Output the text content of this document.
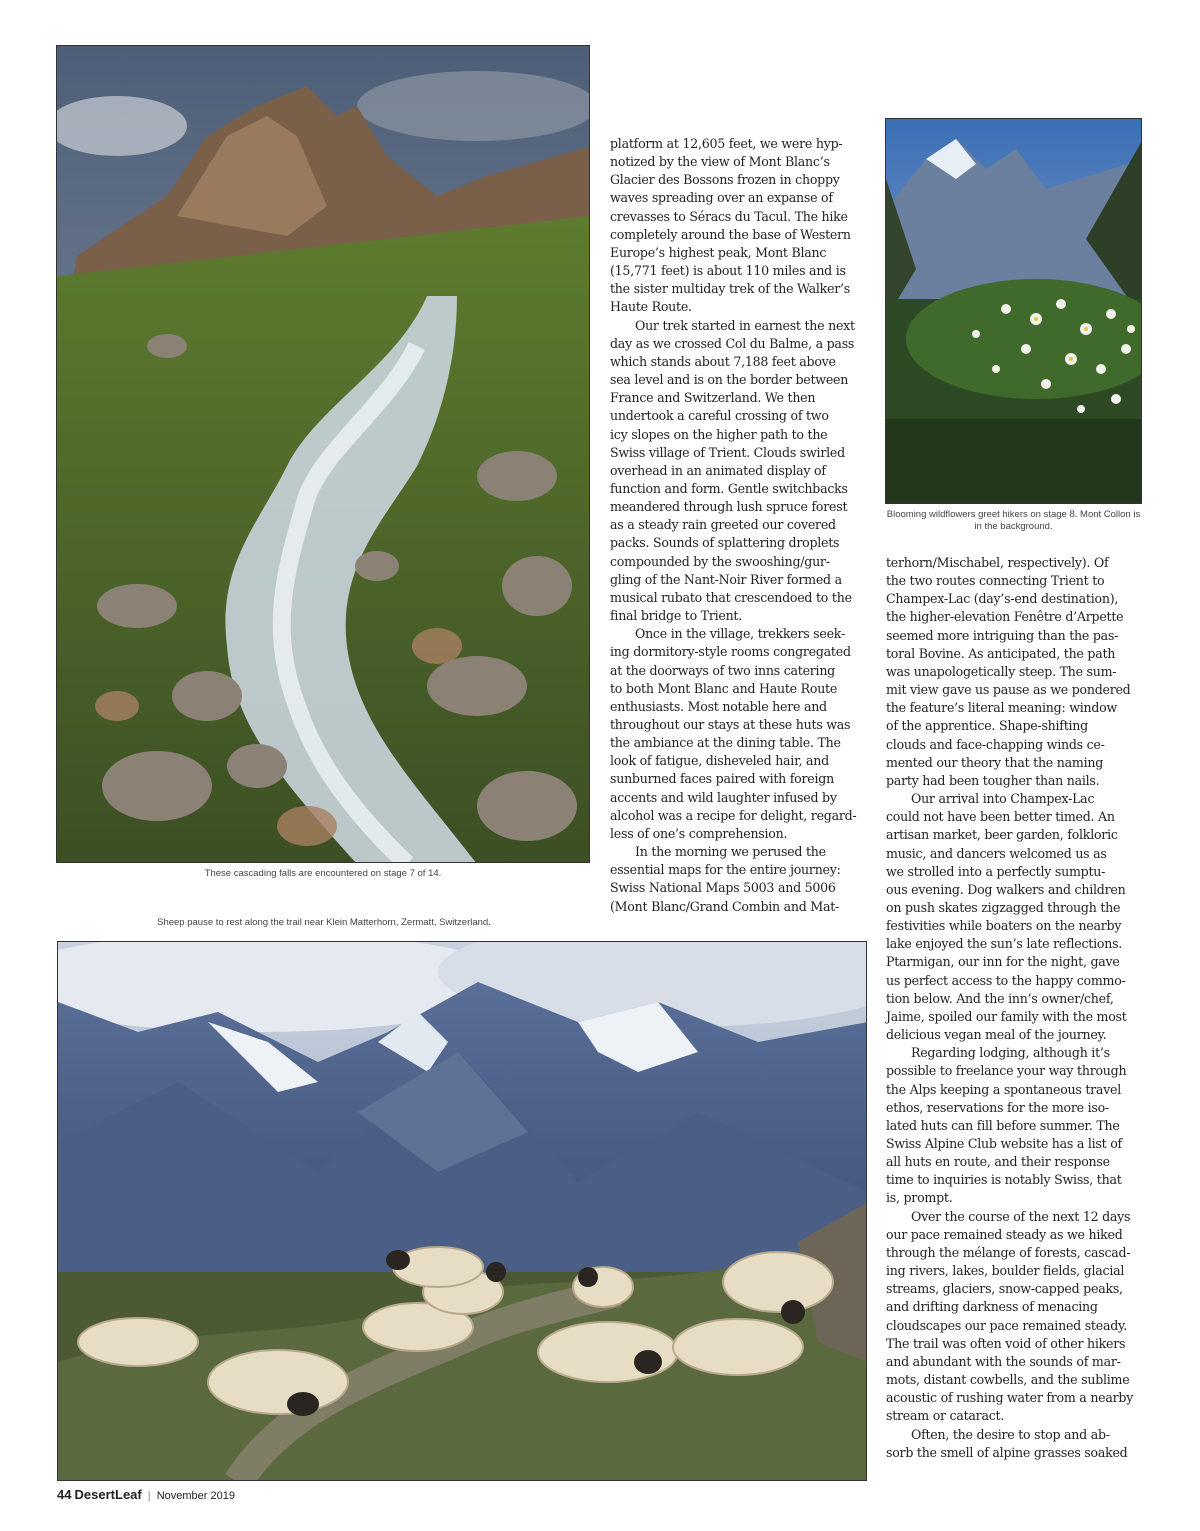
These cascading falls are encountered on stage 7 of 14.
Blooming wildflowers greet hikers on stage 8. Mont Collon is in the background.
Sheep pause to rest along the trail near Klein Matterhorn, Zermatt, Switzerland.

platform at 12,605 feet, we were hyp-
notized by the view of Mont Blanc’s
Glacier des Bossons frozen in choppy
waves spreading over an expanse of
crevasses to Séracs du Tacul. The hike
completely around the base of Western
Europe’s highest peak, Mont Blanc
(15,771 feet) is about 110 miles and is
the sister multiday trek of the Walker’s
Haute Route.

Our trek started in earnest the next
day as we crossed Col du Balme, a pass
which stands about 7,188 feet above
sea level and is on the border between
France and Switzerland. We then
undertook a careful crossing of two
icy slopes on the higher path to the
Swiss village of Trient. Clouds swirled
overhead in an animated display of
function and form. Gentle switchbacks
meandered through lush spruce forest
as a steady rain greeted our covered
packs. Sounds of splattering droplets
compounded by the swooshing/gur-
gling of the Nant-Noir River formed a
musical rubato that crescendoed to the
final bridge to Trient.

Once in the village, trekkers seek-
ing dormitory-style rooms congregated
at the doorways of two inns catering
to both Mont Blanc and Haute Route
enthusiasts. Most notable here and
throughout our stays at these huts was
the ambiance at the dining table. The
look of fatigue, disheveled hair, and
sunburned faces paired with foreign
accents and wild laughter infused by
alcohol was a recipe for delight, regard-
less of one’s comprehension.

In the morning we perused the
essential maps for the entire journey:
Swiss National Maps 5003 and 5006
(Mont Blanc/Grand Combin and Mat-

terhorn/Mischabel, respectively). Of
the two routes connecting Trient to
Champex-Lac (day’s-end destination),
the higher-elevation Fenêtre d’Arpette
seemed more intriguing than the pas-
toral Bovine. As anticipated, the path
was unapologetically steep. The sum-
mit view gave us pause as we pondered
the feature’s literal meaning: window
of the apprentice. Shape-shifting
clouds and face-chapping winds ce-
mented our theory that the naming
party had been tougher than nails.

Our arrival into Champex-Lac
could not have been better timed. An
artisan market, beer garden, folkloric
music, and dancers welcomed us as
we strolled into a perfectly sumptu-
ous evening. Dog walkers and children
on push skates zigzagged through the
festivities while boaters on the nearby
lake enjoyed the sun’s late reflections.
Ptarmigan, our inn for the night, gave
us perfect access to the happy commo-
tion below. And the inn’s owner/chef,
Jaime, spoiled our family with the most
delicious vegan meal of the journey.

Regarding lodging, although it’s
possible to freelance your way through
the Alps keeping a spontaneous travel
ethos, reservations for the more iso-
lated huts can fill before summer. The
Swiss Alpine Club website has a list of
all huts en route, and their response
time to inquiries is notably Swiss, that
is, prompt.

Over the course of the next 12 days
our pace remained steady as we hiked
through the mélange of forests, cascad-
ing rivers, lakes, boulder fields, glacial
streams, glaciers, snow-capped peaks,
and drifting darkness of menacing
cloudscapes our pace remained steady.
The trail was often void of other hikers
and abundant with the sounds of mar-
mots, distant cowbells, and the sublime
acoustic of rushing water from a nearby
stream or cataract.

Often, the desire to stop and ab-
sorb the smell of alpine grasses soaked

44 DesertLeaf | November 2019
